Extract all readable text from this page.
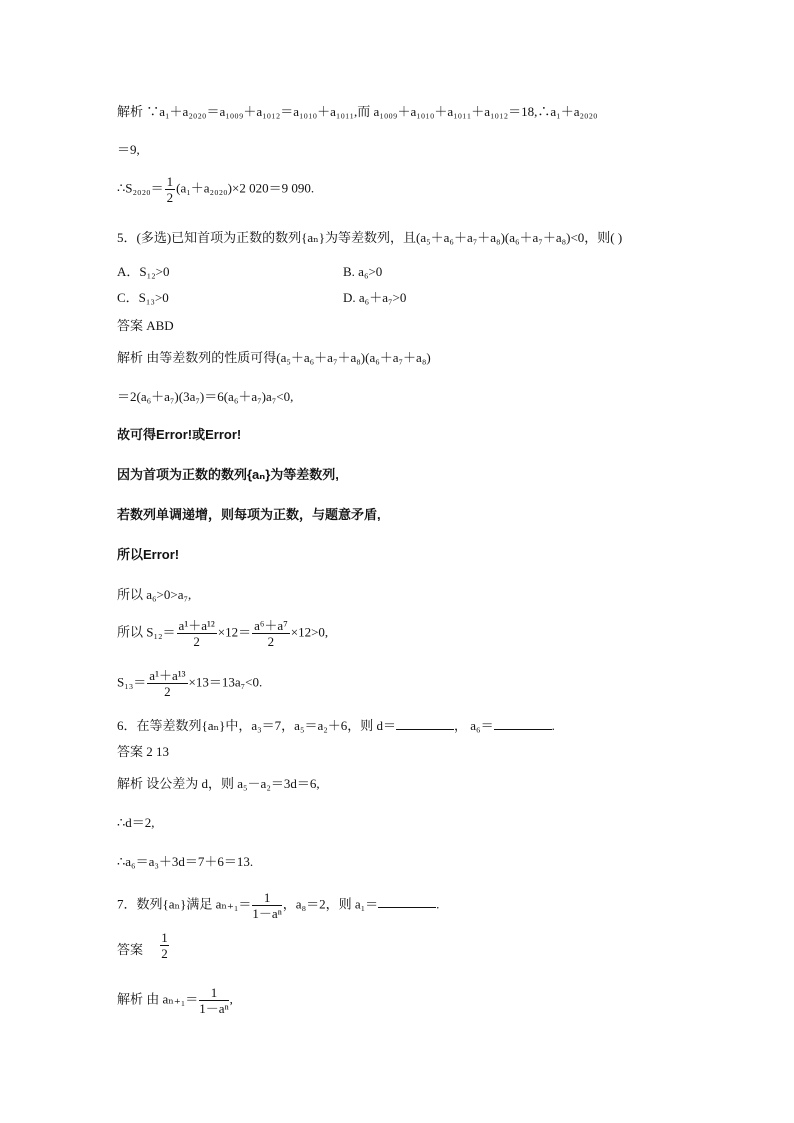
解析 ∵a₁＋a₂₀₂₀＝a₁₀₀₉＋a₁₀₁₂＝a₁₀₁₀＋a₁₀₁₁,而 a₁₀₀₉＋a₁₀₁₀＋a₁₀₁₁＋a₁₀₁₂＝18,∴a₁＋a₂₀₂₀
＝9,
∴S₂₀₂₀＝ $\frac{1}{2} (a_1+a_{2020})\times 2$ 020＝9 090.
5．(多选)已知首项为正数的数列{aₙ}为等差数列，且(a₅＋a₆＋a₇＋a₈)(a₆＋a₇＋a₈)<0，则( )
A．S₁₂>0	B. a₆>0
C．S₁₃>0	D. a₆＋a₇>0
答案 ABD
解析 由等差数列的性质可得(a₅＋a₆＋a₇＋a₈)(a₆＋a₇＋a₈)
＝2(a₆＋a₇)(3a₇)＝6(a₆＋a₇)a₇<0,
故可得Error!或Error!
因为首项为正数的数列{aₙ}为等差数列,
若数列单调递增，则每项为正数，与题意矛盾,
所以Error!
所以 a₆>0>a₇,
所以 $S_{12}= \frac{\text{a¹＋a¹²}}{2} \times 12= \frac{\text{a⁶＋a⁷}}{2} \times 12>0$,
$S_{13}= \frac{\text{a¹＋a¹³}}{2} \times 13=13a_7<0$.
6．在等差数列{aₙ}中，a₃＝7，a₅＝a₂＋6，则 d＝	， a₆＝	.
答案 2 13
解析 设公差为 d，则 a₅－a₂＝3d＝6,
∴d＝2,
∴a₆＝a₃＋3d＝7＋6＝13.
7．数列{aₙ}满足 $a_{n+1}= \frac{1}{\text{1－aⁿ}}$ ，a₈＝2，则 a₁＝	.
答案 $\frac{1}{2}$
解析 由 $a_{n+1}= \frac{1}{\text{1－aⁿ}}$ ,
